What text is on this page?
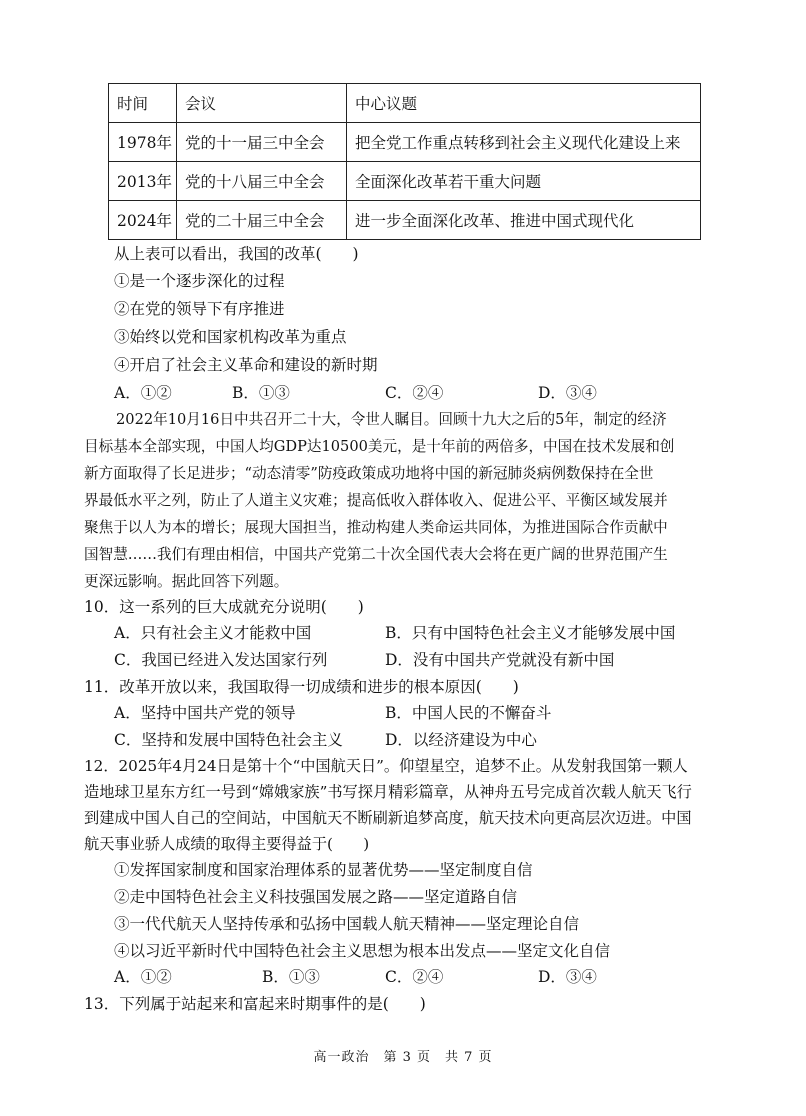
时间	会议	中心议题
1978年	党的十一届三中全会	把全党工作重点转移到社会主义现代化建设上来
2013年	党的十八届三中全会	全面深化改革若干重大问题
2024年	党的二十届三中全会	进一步全面深化改革、推进中国式现代化
从上表可以看出，我国的改革(　　)
①是一个逐步深化的过程
②在党的领导下有序推进
③始终以党和国家机构改革为重点
④开启了社会主义革命和建设的新时期
A．①②	B．①③	C．②④	D．③④
2022年10月16日中共召开二十大，令世人瞩目。回顾十九大之后的5年，制定的经济
目标基本全部实现，中国人均GDP达10500美元，是十年前的两倍多，中国在技术发展和创
新方面取得了长足进步；“动态清零”防疫政策成功地将中国的新冠肺炎病例数保持在全世
界最低水平之列，防止了人道主义灾难；提高低收入群体收入、促进公平、平衡区域发展并
聚焦于以人为本的增长；展现大国担当，推动构建人类命运共同体，为推进国际合作贡献中
国智慧……我们有理由相信，中国共产党第二十次全国代表大会将在更广阔的世界范围产生
更深远影响。据此回答下列题。
10．这一系列的巨大成就充分说明(　　)
A．只有社会主义才能救中国	B．只有中国特色社会主义才能够发展中国
C．我国已经进入发达国家行列	D．没有中国共产党就没有新中国
11．改革开放以来，我国取得一切成绩和进步的根本原因(　　)
A．坚持中国共产党的领导	B．中国人民的不懈奋斗
C．坚持和发展中国特色社会主义	D．以经济建设为中心
12．2025年4月24日是第十个“中国航天日”。仰望星空，追梦不止。从发射我国第一颗人
造地球卫星东方红一号到“嫦娥家族”书写探月精彩篇章，从神舟五号完成首次载人航天飞行
到建成中国人自己的空间站，中国航天不断刷新追梦高度，航天技术向更高层次迈进。中国
航天事业骄人成绩的取得主要得益于(　　)
①发挥国家制度和国家治理体系的显著优势——坚定制度自信
②走中国特色社会主义科技强国发展之路——坚定道路自信
③一代代航天人坚持传承和弘扬中国载人航天精神——坚定理论自信
④以习近平新时代中国特色社会主义思想为根本出发点——坚定文化自信
A．①②	B．①③	C．②④	D．③④
13．下列属于站起来和富起来时期事件的是(　　)
高一政治　第 3 页　共 7 页
